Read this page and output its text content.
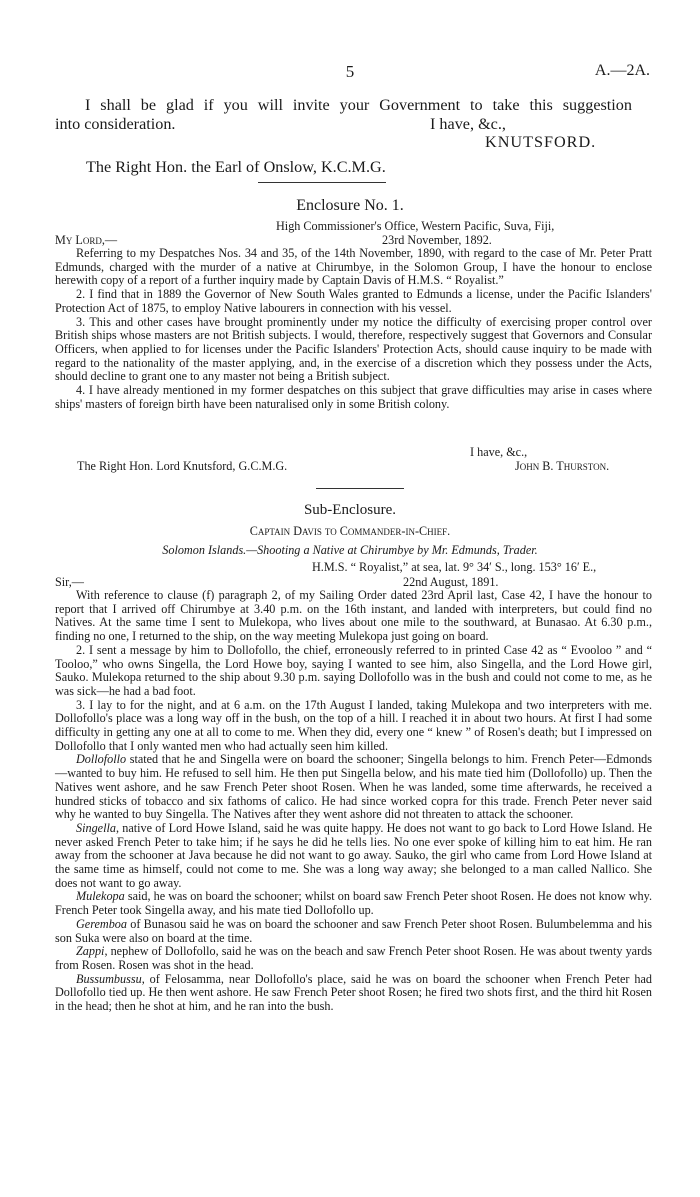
5	A.—2A.
I shall be glad if you will invite your Government to take this suggestion
into consideration.	I have, &c.,
KNUTSFORD.
The Right Hon. the Earl of Onslow, K.C.M.G.
Enclosure No. 1.
High Commissioner's Office, Western Pacific, Suva, Fiji,
My Lord,—	23rd November, 1892.

Referring to my Despatches Nos. 34 and 35, of the 14th November, 1890, with regard to the case of Mr. Peter Pratt Edmunds, charged with the murder of a native at Chirumbye, in the Solomon Group, I have the honour to enclose herewith copy of a report of a further inquiry made by Captain Davis of H.M.S. “ Royalist.”

2. I find that in 1889 the Governor of New South Wales granted to Edmunds a license, under the Pacific Islanders' Protection Act of 1875, to employ Native labourers in connection with his vessel.

3. This and other cases have brought prominently under my notice the difficulty of exercising proper control over British ships whose masters are not British subjects. I would, therefore, respectively suggest that Governors and Consular Officers, when applied to for licenses under the Pacific Islanders' Protection Acts, should cause inquiry to be made with regard to the nationality of the master applying, and, in the exercise of a discretion which they possess under the Acts, should decline to grant one to any master not being a British subject.

4. I have already mentioned in my former despatches on this subject that grave difficulties may arise in cases where ships' masters of foreign birth have been naturalised only in some British colony.

I have, &c.,
The Right Hon. Lord Knutsford, G.C.M.G.	John B. Thurston.
Sub-Enclosure.
Captain Davis to Commander-in-Chief.
Solomon Islands.—Shooting a Native at Chirumbye by Mr. Edmunds, Trader.
H.M.S. “ Royalist,” at sea, lat. 9° 34′ S., long. 153° 16′ E.,
Sir,—	22nd August, 1891.

With reference to clause (f) paragraph 2, of my Sailing Order dated 23rd April last, Case 42, I have the honour to report that I arrived off Chirumbye at 3.40 p.m. on the 16th instant, and landed with interpreters, but could find no Natives. At the same time I sent to Mulekopa, who lives about one mile to the southward, at Bunasao. At 6.30 p.m., finding no one, I returned to the ship, on the way meeting Mulekopa just going on board.

2. I sent a message by him to Dollofollo, the chief, erroneously referred to in printed Case 42 as “ Evooloo ” and “ Tooloo,” who owns Singella, the Lord Howe boy, saying I wanted to see him, also Singella, and the Lord Howe girl, Sauko. Mulekopa returned to the ship about 9.30 p.m. saying Dollofollo was in the bush and could not come to me, as he was sick—he had a bad foot.

3. I lay to for the night, and at 6 a.m. on the 17th August I landed, taking Mulekopa and two interpreters with me. Dollofollo's place was a long way off in the bush, on the top of a hill. I reached it in about two hours. At first I had some difficulty in getting any one at all to come to me. When they did, every one “ knew ” of Rosen's death; but I impressed on Dollofollo that I only wanted men who had actually seen him killed.

Dollofollo stated that he and Singella were on board the schooner; Singella belongs to him. French Peter—Edmonds—wanted to buy him. He refused to sell him. He then put Singella below, and his mate tied him (Dollofollo) up. Then the Natives went ashore, and he saw French Peter shoot Rosen. When he was landed, some time afterwards, he received a hundred sticks of tobacco and six fathoms of calico. He had since worked copra for this trade. French Peter never said why he wanted to buy Singella. The Natives after they went ashore did not threaten to attack the schooner.

Singella, native of Lord Howe Island, said he was quite happy. He does not want to go back to Lord Howe Island. He never asked French Peter to take him; if he says he did he tells lies. No one ever spoke of killing him to eat him. He ran away from the schooner at Java because he did not want to go away. Sauko, the girl who came from Lord Howe Island at the same time as himself, could not come to me. She was a long way away; she belonged to a man called Nallico. She does not want to go away.

Mulekopa said, he was on board the schooner; whilst on board saw French Peter shoot Rosen. He does not know why. French Peter took Singella away, and his mate tied Dollofollo up.

Geremboa of Bunasou said he was on board the schooner and saw French Peter shoot Rosen. Bulumbelemma and his son Suka were also on board at the time.

Zappi, nephew of Dollofollo, said he was on the beach and saw French Peter shoot Rosen. He was about twenty yards from Rosen. Rosen was shot in the head.

Bussumbussu, of Felosamma, near Dollofollo's place, said he was on board the schooner when French Peter had Dollofollo tied up. He then went ashore. He saw French Peter shoot Rosen; he fired two shots first, and the third hit Rosen in the head; then he shot at him, and he ran into the bush.
